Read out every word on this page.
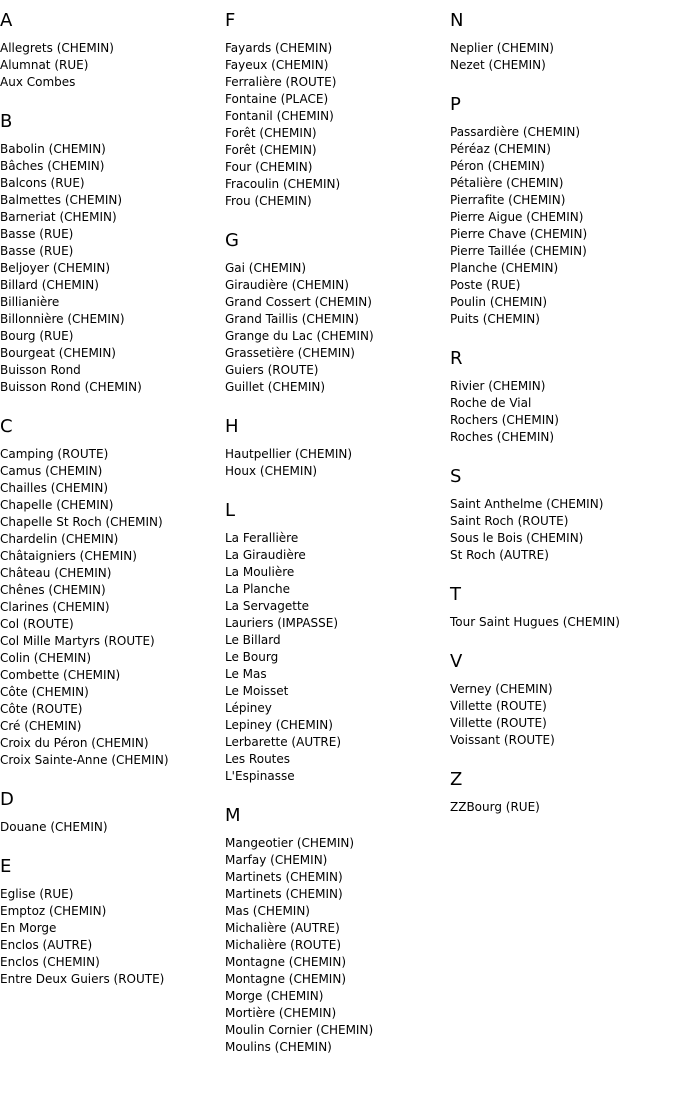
A
Allegrets (CHEMIN)
Alumnat (RUE)
Aux Combes
B
Babolin (CHEMIN)
Bâches (CHEMIN)
Balcons (RUE)
Balmettes (CHEMIN)
Barneriat (CHEMIN)
Basse (RUE)
Basse (RUE)
Beljoyer (CHEMIN)
Billard (CHEMIN)
Billianière
Billonnière (CHEMIN)
Bourg (RUE)
Bourgeat (CHEMIN)
Buisson Rond
Buisson Rond (CHEMIN)
C
Camping (ROUTE)
Camus (CHEMIN)
Chailles (CHEMIN)
Chapelle (CHEMIN)
Chapelle St Roch (CHEMIN)
Chardelin (CHEMIN)
Châtaigniers (CHEMIN)
Château (CHEMIN)
Chênes (CHEMIN)
Clarines (CHEMIN)
Col (ROUTE)
Col Mille Martyrs (ROUTE)
Colin (CHEMIN)
Combette (CHEMIN)
Côte (CHEMIN)
Côte (ROUTE)
Cré (CHEMIN)
Croix du Péron (CHEMIN)
Croix Sainte-Anne (CHEMIN)
D
Douane (CHEMIN)
E
Eglise (RUE)
Emptoz (CHEMIN)
En Morge
Enclos (AUTRE)
Enclos (CHEMIN)
Entre Deux Guiers (ROUTE)
F
Fayards (CHEMIN)
Fayeux (CHEMIN)
Ferralière (ROUTE)
Fontaine (PLACE)
Fontanil (CHEMIN)
Forêt (CHEMIN)
Forêt (CHEMIN)
Four (CHEMIN)
Fracoulin (CHEMIN)
Frou (CHEMIN)
G
Gai (CHEMIN)
Giraudière (CHEMIN)
Grand Cossert (CHEMIN)
Grand Taillis (CHEMIN)
Grange du Lac (CHEMIN)
Grassetière (CHEMIN)
Guiers (ROUTE)
Guillet (CHEMIN)
H
Hautpellier (CHEMIN)
Houx (CHEMIN)
L
La Ferallière
La Giraudière
La Moulière
La Planche
La Servagette
Lauriers (IMPASSE)
Le Billard
Le Bourg
Le Mas
Le Moisset
Lépiney
Lepiney (CHEMIN)
Lerbarette (AUTRE)
Les Routes
L'Espinasse
M
Mangeotier (CHEMIN)
Marfay (CHEMIN)
Martinets (CHEMIN)
Martinets (CHEMIN)
Mas (CHEMIN)
Michalière (AUTRE)
Michalière (ROUTE)
Montagne (CHEMIN)
Montagne (CHEMIN)
Morge (CHEMIN)
Mortière (CHEMIN)
Moulin Cornier (CHEMIN)
Moulins (CHEMIN)
N
Neplier (CHEMIN)
Nezet (CHEMIN)
P
Passardière (CHEMIN)
Péréaz (CHEMIN)
Péron (CHEMIN)
Pétalière (CHEMIN)
Pierrafite (CHEMIN)
Pierre Aigue (CHEMIN)
Pierre Chave (CHEMIN)
Pierre Taillée (CHEMIN)
Planche (CHEMIN)
Poste (RUE)
Poulin (CHEMIN)
Puits (CHEMIN)
R
Rivier (CHEMIN)
Roche de Vial
Rochers (CHEMIN)
Roches (CHEMIN)
S
Saint Anthelme (CHEMIN)
Saint Roch (ROUTE)
Sous le Bois (CHEMIN)
St Roch (AUTRE)
T
Tour Saint Hugues (CHEMIN)
V
Verney (CHEMIN)
Villette (ROUTE)
Villette (ROUTE)
Voissant (ROUTE)
Z
ZZBourg (RUE)
